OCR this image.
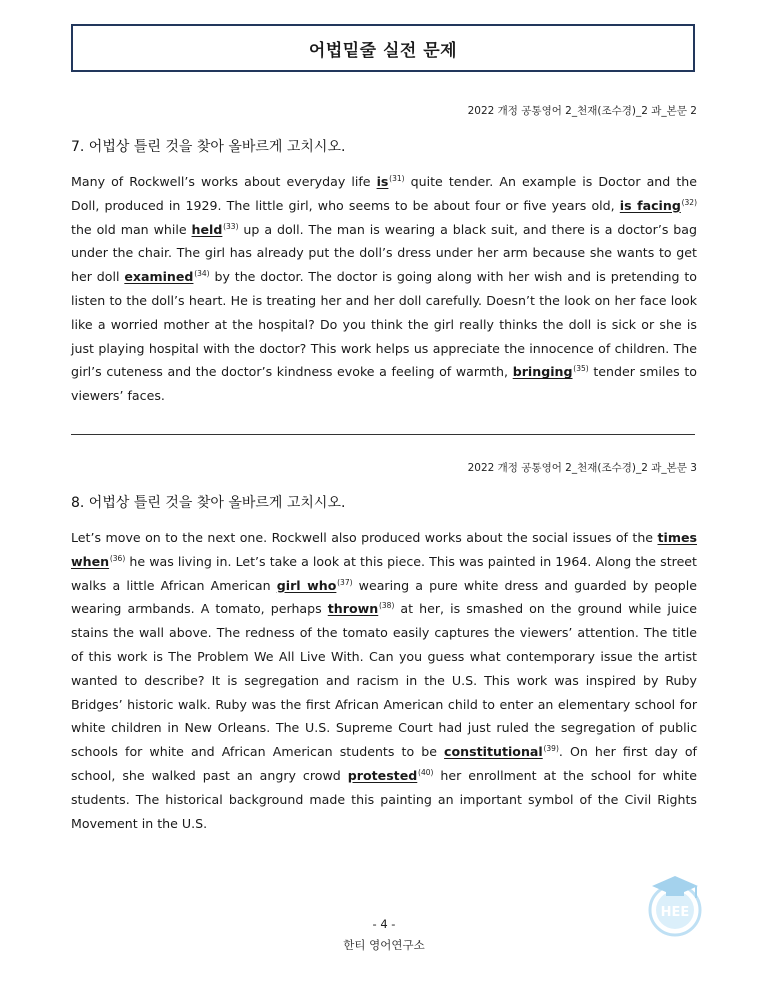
어법밑줄 실전 문제
2022 개정 공통영어 2_천재(조수경)_2 과_본문 2
7. 어법상 틀린 것을 찾아 올바르게 고치시오.

Many of Rockwell’s works about everyday life is $^{(31)}$ quite tender. An example is Doctor and the Doll, produced in 1929. The little girl, who seems to be about four or five years old, is facing $^{(32)}$ the old man while held $^{(33)}$ up a doll. The man is wearing a black suit, and there is a doctor’s bag under the chair. The girl has already put the doll’s dress under her arm because she wants to get her doll examined $^{(34)}$ by the doctor. The doctor is going along with her wish and is pretending to listen to the doll’s heart. He is treating her and her doll carefully. Doesn’t the look on her face look like a worried mother at the hospital? Do you think the girl really thinks the doll is sick or she is just playing hospital with the doctor? This work helps us appreciate the innocence of children. The girl’s cuteness and the doctor’s kindness evoke a feeling of warmth, bringing $^{(35)}$ tender smiles to viewers’ faces.

2022 개정 공통영어 2_천재(조수경)_2 과_본문 3
8. 어법상 틀린 것을 찾아 올바르게 고치시오.

Let’s move on to the next one. Rockwell also produced works about the social issues of the times when $^{(36)}$ he was living in. Let’s take a look at this piece. This was painted in 1964. Along the street walks a little African American girl who $^{(37)}$ wearing a pure white dress and guarded by people wearing armbands. A tomato, perhaps thrown $^{(38)}$ at her, is smashed on the ground while juice stains the wall above. The redness of the tomato easily captures the viewers’ attention. The title of this work is The Problem We All Live With. Can you guess what contemporary issue the artist wanted to describe? It is segregation and racism in the U.S. This work was inspired by Ruby Bridges’ historic walk. Ruby was the first African American child to enter an elementary school for white children in New Orleans. The U.S. Supreme Court had just ruled the segregation of public schools for white and African American students to be constitutional $^{(39)}$. On her first day of school, she walked past an angry crowd protested $^{(40)}$ her enrollment at the school for white students. The historical background made this painting an important symbol of the Civil Rights Movement in the U.S.

HEE
- 4 -
한티 영어연구소
